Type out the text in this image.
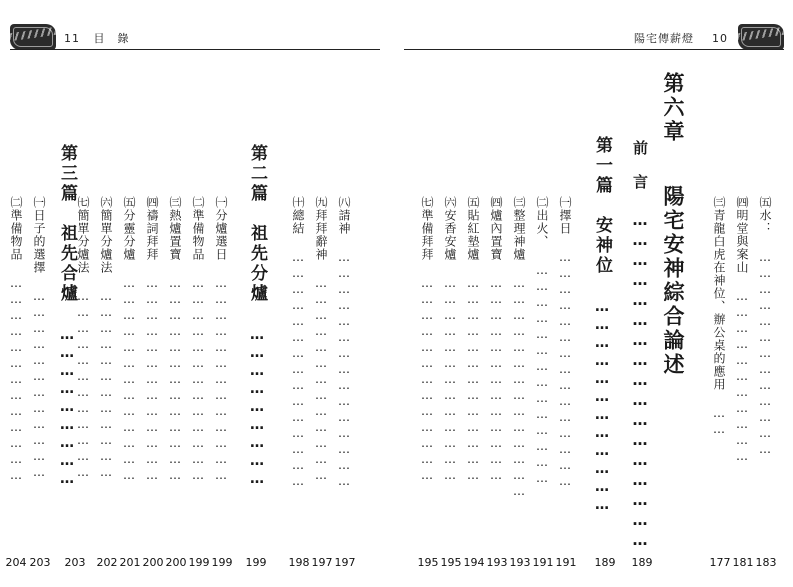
11 目　錄	陽宅傳薪燈 10
第六章 陽宅安神綜合論述	㈤水： …………………………………
183
㈣明堂與案山 ……………………………
181
㈢青龍白虎在神位、辦公桌的應用 ……
177
前　言 ……………………………………………
189
第一篇　安神位 ………………………………
189
㈠擇日 ………………………………………
191
㈡出火、 ……………………………………
191
㈢整理神爐 ……………………………………
193
㈣爐內置寶 …………………………………
193
㈤貼紅墊爐 …………………………………
194
㈥安香安爐 …………………………………
195
㈦準備拜拜 …………………………………
195
第二篇　祖先分爐 ………………………
199
㈧請神 ………………………………………
197
㈨拜拜辭神 …………………………………
197
㈩總結 ………………………………………
198
㈠分爐選日 …………………………………
199
㈡準備物品 …………………………………
199
㈢熱爐置寶 …………………………………
200
㈣禱詞拜拜 …………………………………
200
㈤分靈分爐 …………………………………
201
㈥簡單分爐法 ………………………………
202
㈦簡單分爐法 ………………………………
第三篇　祖先合爐 ………………………
203
㈠日子的選擇 ………………………………
203
㈡準備物品 …………………………………
204
